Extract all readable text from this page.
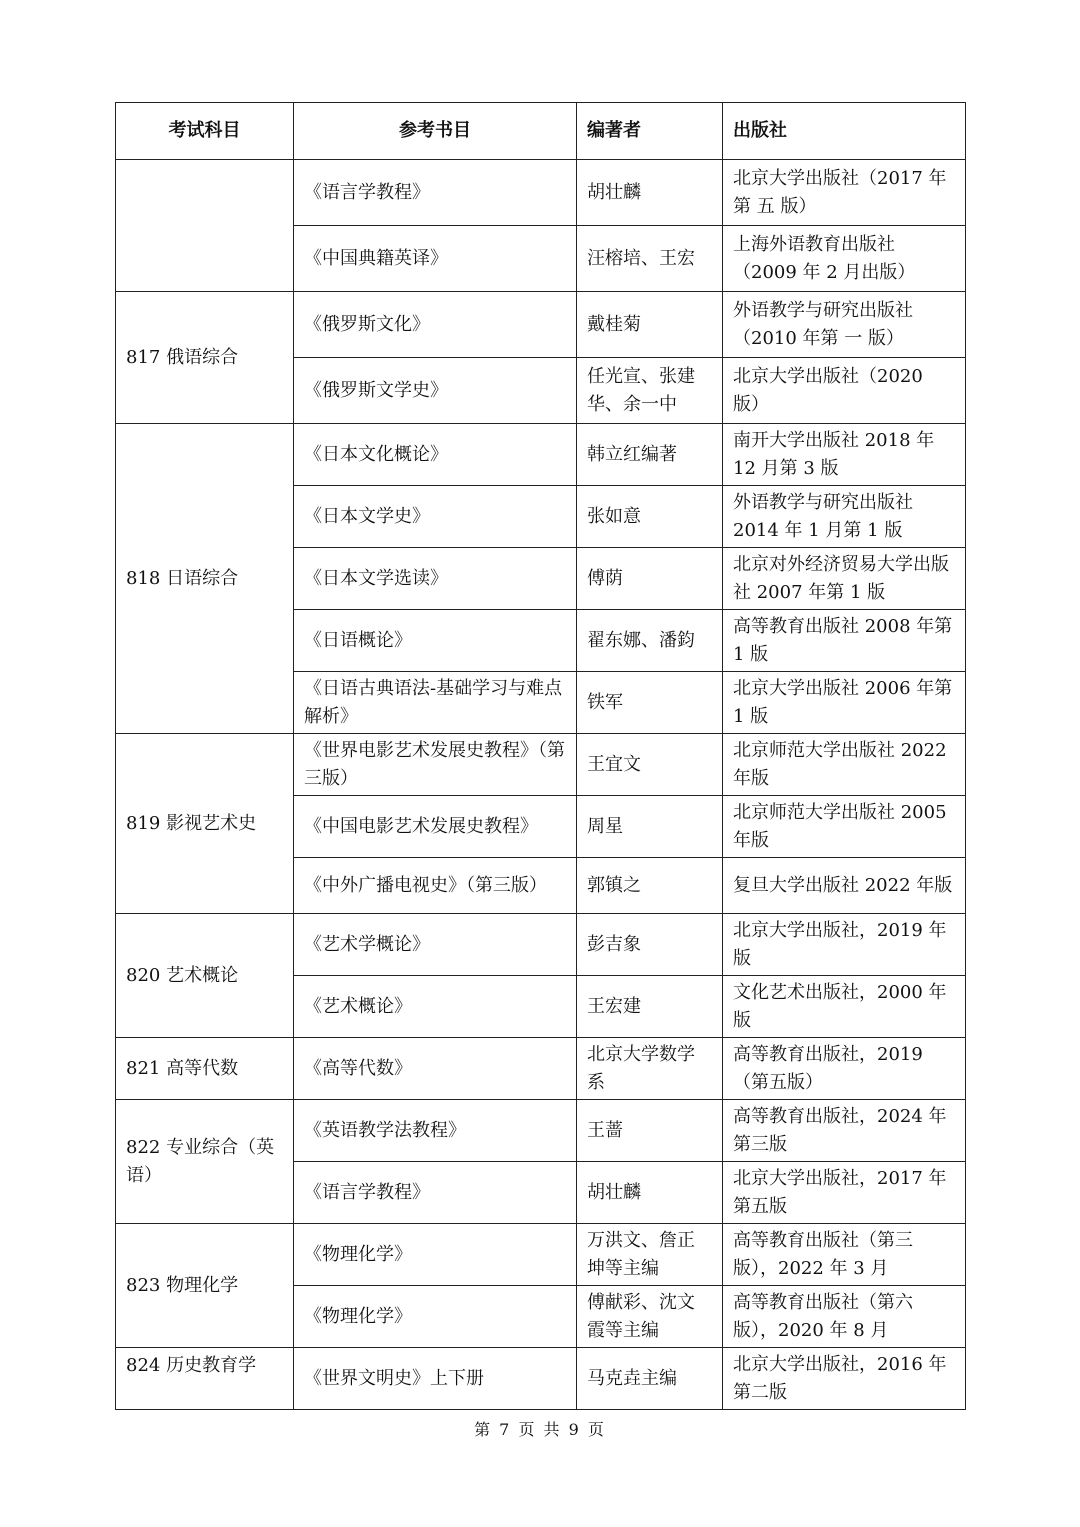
考试科目	参考书目	编著者	出版社
	《语言学教程》	胡壮麟	北京大学出版社（2017 年第 五 版）
	《中国典籍英译》	汪榕培、王宏	上海外语教育出版社（2009 年 2 月出版）
817 俄语综合	《俄罗斯文化》	戴桂菊	外语教学与研究出版社（2010 年第 一 版）
	《俄罗斯文学史》	任光宣、张建华、余一中	北京大学出版社（2020 版）
818 日语综合	《日本文化概论》	韩立红编著	南开大学出版社 2018 年 12 月第 3 版
	《日本文学史》	张如意	外语教学与研究出版社 2014 年 1 月第 1 版
	《日本文学选读》	傅荫	北京对外经济贸易大学出版社 2007 年第 1 版
	《日语概论》	翟东娜、潘鈞	高等教育出版社 2008 年第 1 版
	《日语古典语法-基础学习与难点解析》	铁军	北京大学出版社 2006 年第 1 版
819 影视艺术史	《世界电影艺术发展史教程》（第三版）	王宜文	北京师范大学出版社 2022 年版
	《中国电影艺术发展史教程》	周星	北京师范大学出版社 2005 年版
	《中外广播电视史》（第三版）	郭镇之	复旦大学出版社 2022 年版
820 艺术概论	《艺术学概论》	彭吉象	北京大学出版社，2019 年版
	《艺术概论》	王宏建	文化艺术出版社，2000 年版
821 高等代数	《高等代数》	北京大学数学系	高等教育出版社，2019（第五版）
822 专业综合（英语）	《英语教学法教程》	王蔷	高等教育出版社，2024 年第三版
	《语言学教程》	胡壮麟	北京大学出版社，2017 年第五版
823 物理化学	《物理化学》	万洪文、詹正坤等主编	高等教育出版社（第三版），2022 年 3 月
	《物理化学》	傅献彩、沈文霞等主编	高等教育出版社（第六版），2020 年 8 月
824 历史教育学	《世界文明史》上下册	马克垚主编	北京大学出版社，2016 年第二版
第 7 页 共 9 页
